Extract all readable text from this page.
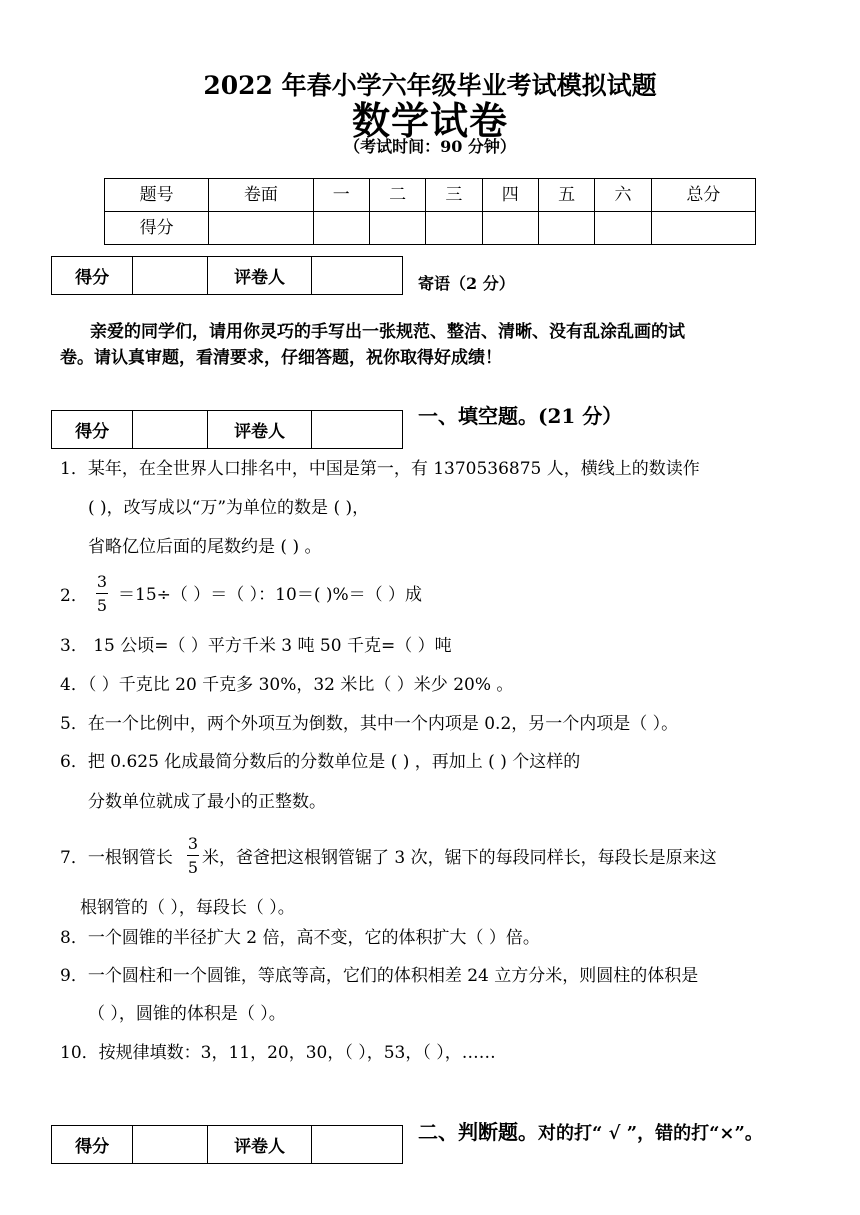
2022 年春小学六年级毕业考试模拟试题
数学试卷
（考试时间：90 分钟）
题号	卷面	一	二	三	四	五	六	总分
得分								
得分		评卷人		寄语（2 分）
亲爱的同学们，请用你灵巧的手写出一张规范、整洁、清晰、没有乱涂乱画的试
卷。请认真审题，看清要求，仔细答题，祝你取得好成绩！
得分		评卷人	
一、填空题。(21 分）
1．某年，在全世界人口排名中，中国是第一，有 1370536875 人，横线上的数读作
( )，改写成以“万”为单位的数是 ( )，
省略亿位后面的尾数约是 ( ) 。
2．
3
5
＝15÷（ ）＝（ ）：10＝( )%＝（ ）成
3． 15 公顷=（ ）平方千米 3 吨 50 千克=（ ）吨
4．（ ）千克比 20 千克多 30%，32 米比（ ）米少 20% 。
5．在一个比例中，两个外项互为倒数，其中一个内项是 0.2，另一个内项是（ ）。
6．把 0.625 化成最简分数后的分数单位是 ( ) ，再加上 ( ) 个这样的
分数单位就成了最小的正整数。
7．一根钢管长
3
5 米，爸爸把这根钢管锯了 3 次，锯下的每段同样长，每段长是原来这
根钢管的（ ），每段长（ ）。
8．一个圆锥的半径扩大 2 倍，高不变，它的体积扩大（ ）倍。
9．一个圆柱和一个圆锥，等底等高，它们的体积相差 24 立方分米，则圆柱的体积是
（ ），圆锥的体积是（ ）。
10．按规律填数：3，11，20，30，（ ），53，（ ），……
得分		评卷人	
二、判断题。对的打“ √ ”，错的打“×”。
